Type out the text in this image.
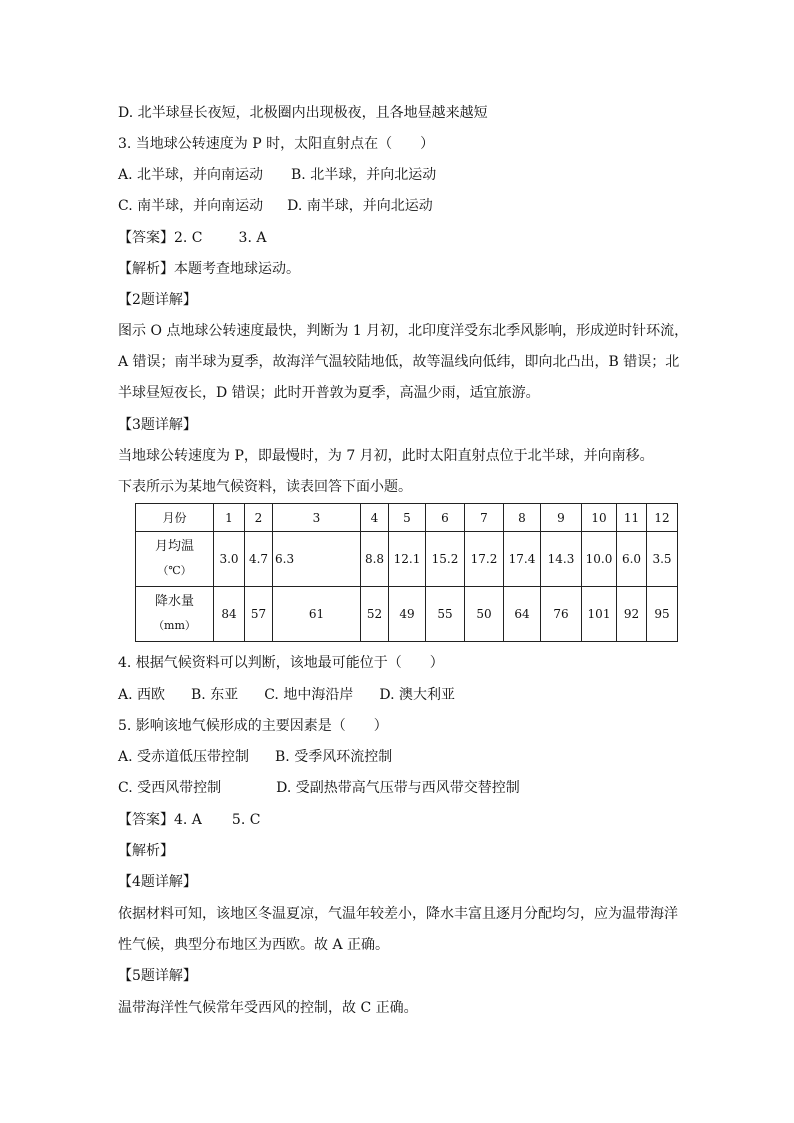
D. 北半球昼长夜短，北极圈内出现极夜，且各地昼越来越短
3. 当地球公转速度为 P 时，太阳直射点在（　　）
A. 北半球，并向南运动 B. 北半球，并向北运动
C. 南半球，并向南运动 D. 南半球，并向北运动
【答案】2. C	3. A
【解析】本题考查地球运动。
【2题详解】
图示 O 点地球公转速度最快，判断为 1 月初，北印度洋受东北季风影响，形成逆时针环流，
A 错误；南半球为夏季，故海洋气温较陆地低，故等温线向低纬，即向北凸出，B 错误；北
半球昼短夜长，D 错误；此时开普敦为夏季，高温少雨，适宜旅游。
【3题详解】
当地球公转速度为 P，即最慢时，为 7 月初，此时太阳直射点位于北半球，并向南移。
下表所示为某地气候资料，读表回答下面小题。
月份	1	2	3	4	5	6	7	8	9	10	11	12

月均温
（℃）	3.0	4.7	6.3	8.8	12.1	15.2	17.2	17.4	14.3	10.0	6.0	3.5

降水量
（mm）	84	57	61	52	49	55	50	64	76	101	92	95
4. 根据气候资料可以判断，该地最可能位于（　　）
A. 西欧 B. 东亚 C. 地中海沿岸 D. 澳大利亚
5. 影响该地气候形成的主要因素是（　　）
A. 受赤道低压带控制 B. 受季风环流控制
C. 受西风带控制	D. 受副热带高气压带与西风带交替控制
【答案】4. A 5. C
【解析】
【4题详解】
依据材料可知，该地区冬温夏凉，气温年较差小，降水丰富且逐月分配均匀，应为温带海洋
性气候，典型分布地区为西欧。故 A 正确。
【5题详解】
温带海洋性气候常年受西风的控制，故 C 正确。
